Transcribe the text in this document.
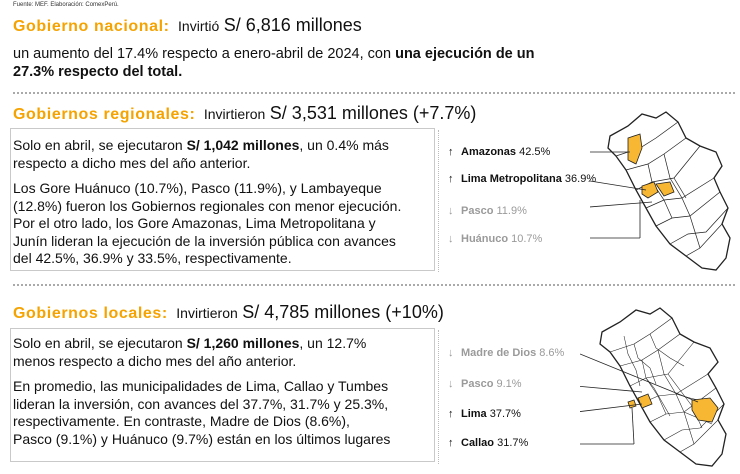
Fuente: MEF. Elaboración: ComexPerú.
Gobierno nacional: Invirtió S/ 6,816 millones
un aumento del 17.4% respecto a enero-abril de 2024, con una ejecución de un
27.3% respecto del total.
Gobiernos regionales: Invirtieron S/ 3,531 millones (+7.7%)
Solo en abril, se ejecutaron S/ 1,042 millones, un 0.4% más
respecto a dicho mes del año anterior.
Los Gore Huánuco (10.7%), Pasco (11.9%), y Lambayeque
(12.8%) fueron los Gobiernos regionales con menor ejecución.
Por el otro lado, los Gore Amazonas, Lima Metropolitana y
Junín lideran la ejecución de la inversión pública con avances
del 42.5%, 36.9% y 33.5%, respectivamente.
↑ Amazonas 42.5%
↑ Lima Metropolitana 36.9%
↓ Pasco 11.9%
↓ Huánuco 10.7%
Gobiernos locales: Invirtieron S/ 4,785 millones (+10%)
Solo en abril, se ejecutaron S/ 1,260 millones, un 12.7%
menos respecto a dicho mes del año anterior.
En promedio, las municipalidades de Lima, Callao y Tumbes
lideran la inversión, con avances del 37.7%, 31.7% y 25.3%,
respectivamente. En contraste, Madre de Dios (8.6%),
Pasco (9.1%) y Huánuco (9.7%) están en los últimos lugares
↓ Madre de Dios 8.6%
↓ Pasco 9.1%
↑ Lima 37.7%
↑ Callao 31.7%
